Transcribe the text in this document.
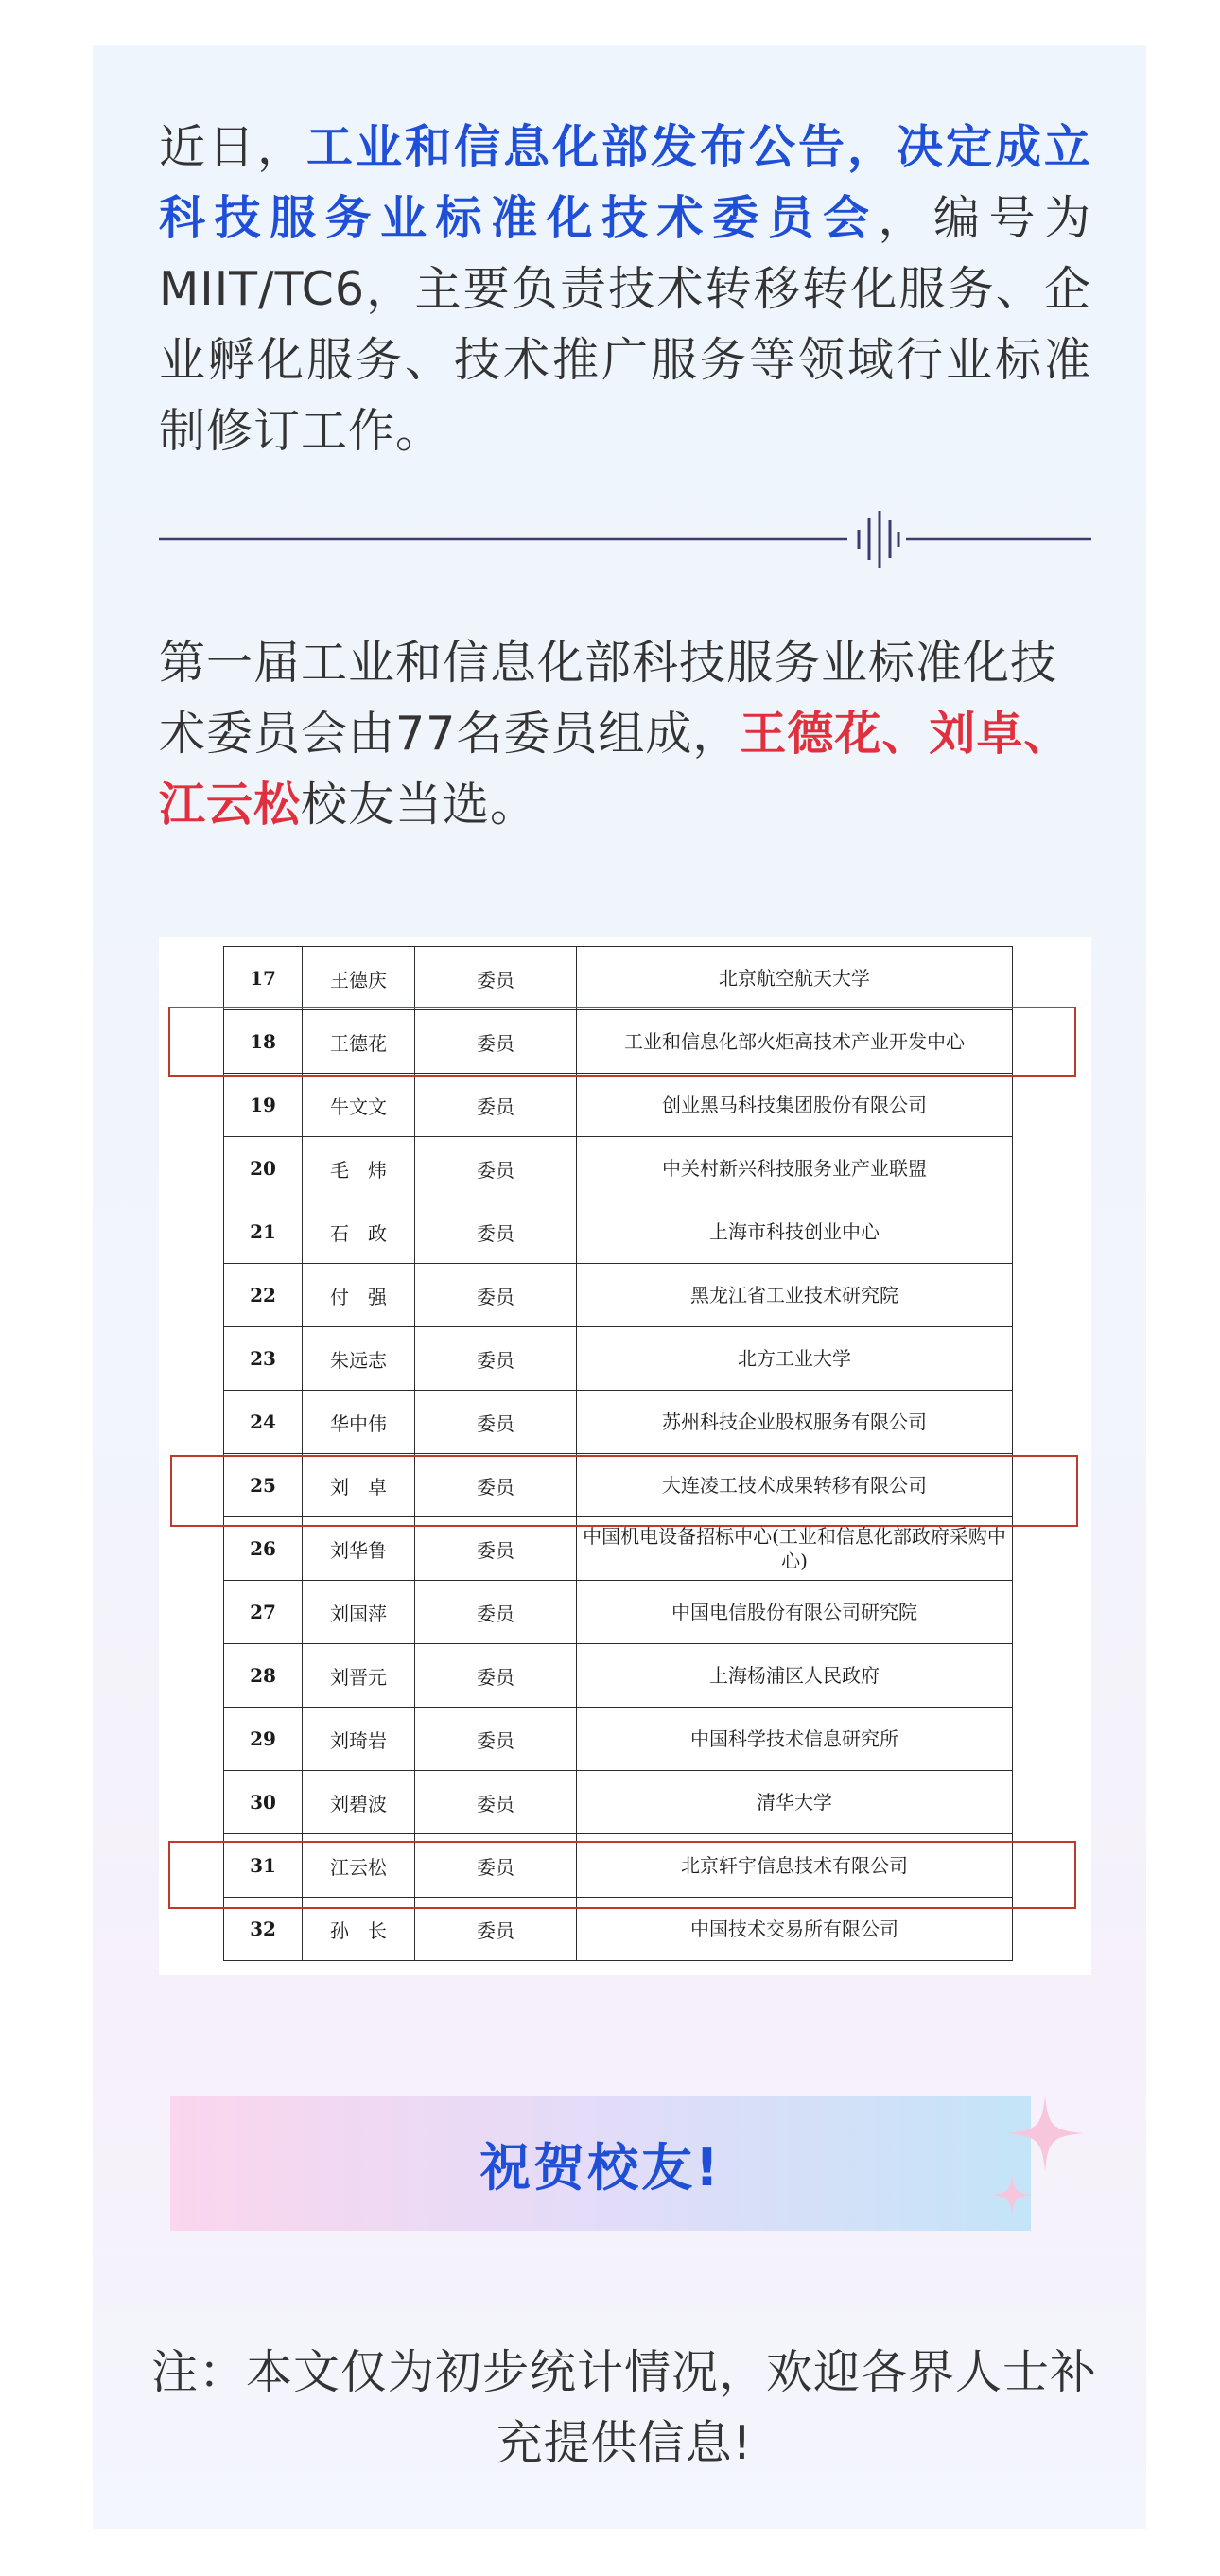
近日，工业和信息化部发布公告，决定成立科技服务业标准化技术委员会，编号为MIIT/TC6，主要负责技术转移转化服务、企业孵化服务、技术推广服务等领域行业标准制修订工作。

第一届工业和信息化部科技服务业标准化技术委员会由77名委员组成，王德花、刘卓、江云松校友当选。

17	王德庆	委员	北京航空航天大学
18	王德花	委员	工业和信息化部火炬高技术产业开发中心
19	牛文文	委员	创业黑马科技集团股份有限公司
20	毛　炜	委员	中关村新兴科技服务业产业联盟
21	石　政	委员	上海市科技创业中心
22	付　强	委员	黑龙江省工业技术研究院
23	朱远志	委员	北方工业大学
24	华中伟	委员	苏州科技企业股权服务有限公司
25	刘　卓	委员	大连凌工技术成果转移有限公司
26	刘华鲁	委员	中国机电设备招标中心(工业和信息化部政府采购中心)
27	刘国萍	委员	中国电信股份有限公司研究院
28	刘晋元	委员	上海杨浦区人民政府
29	刘琦岩	委员	中国科学技术信息研究所
30	刘碧波	委员	清华大学
31	江云松	委员	北京轩宇信息技术有限公司
32	孙　长	委员	中国技术交易所有限公司
祝贺校友!

注：本文仅为初步统计情况，欢迎各界人士补充提供信息!
